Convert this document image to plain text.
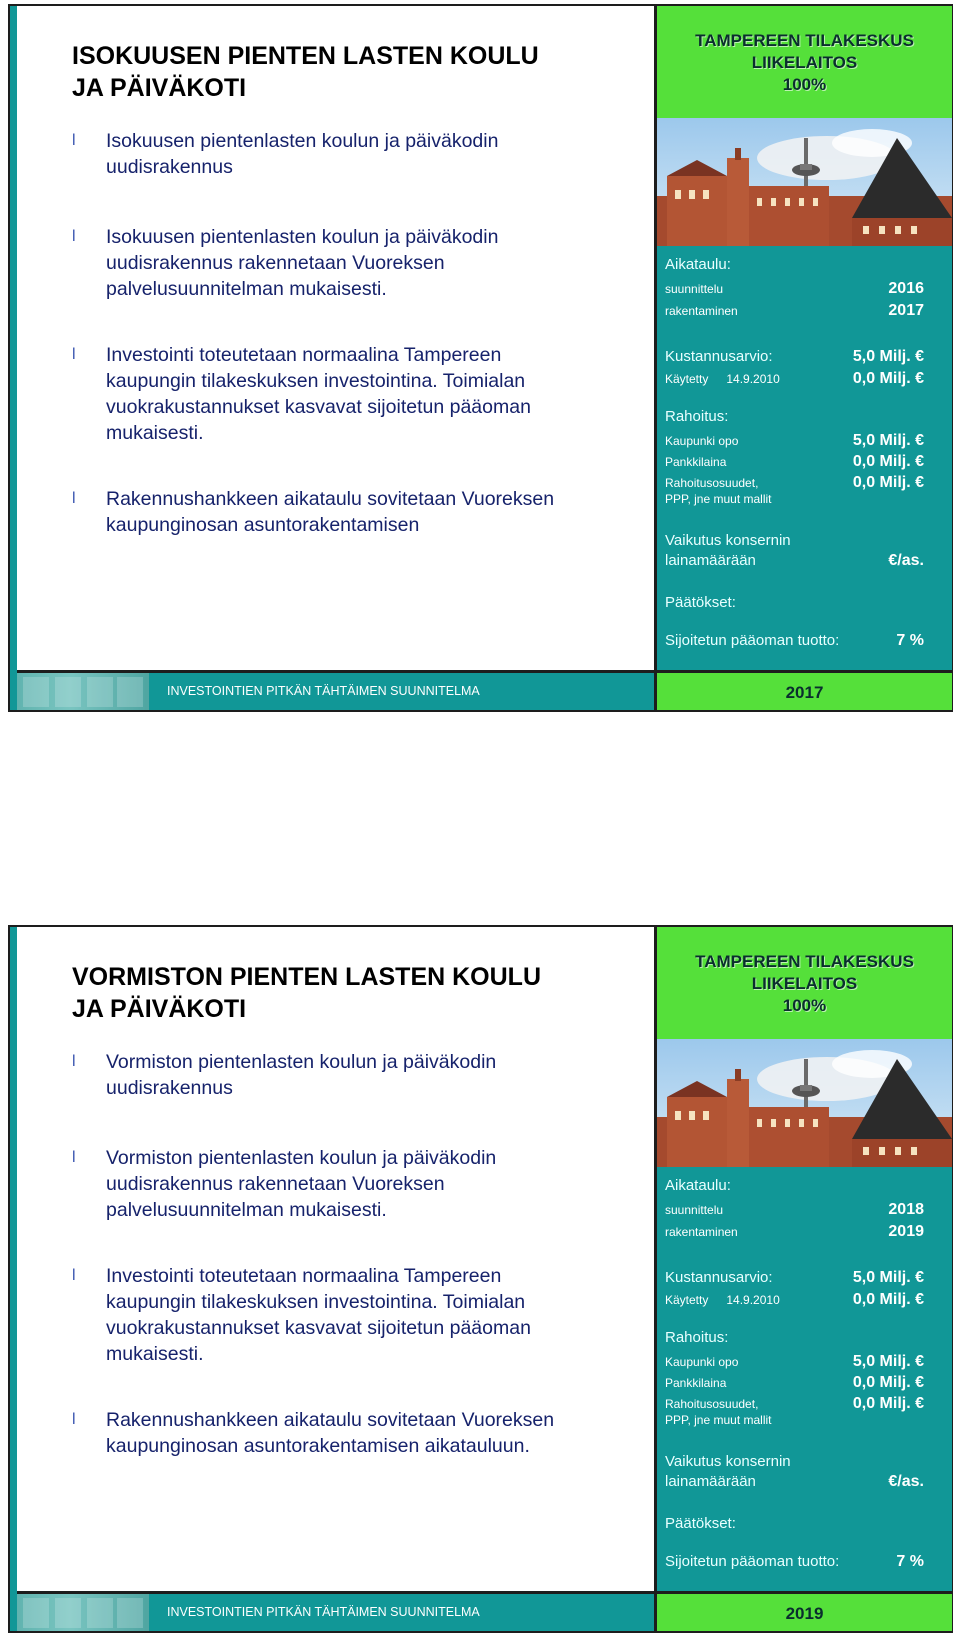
ISOKUUSEN PIENTEN LASTEN KOULU
JA PÄIVÄKOTI
l Isokuusen pientenlasten koulun ja päiväkodin
uudisrakennus
l Isokuusen pientenlasten koulun ja päiväkodin
uudisrakennus rakennetaan Vuoreksen
palvelusuunnitelman mukaisesti.
l Investointi toteutetaan normaalina Tampereen
kaupungin tilakeskuksen investointina. Toimialan
vuokrakustannukset kasvavat sijoitetun pääoman
mukaisesti.
l Rakennushankkeen aikataulu sovitetaan Vuoreksen
kaupunginosan asuntorakentamisen
TAMPEREEN TILAKESKUS
LIIKELAITOS
100%
Aikataulu:
suunnittelu	2016
rakentaminen	2017
Kustannusarvio:	5,0 Milj. €
Käytetty 14.9.2010	0,0 Milj. €
Rahoitus:
Kaupunki opo	5,0 Milj. €
Pankkilaina	0,0 Milj. €
Rahoitusosuudet,	0,0 Milj. €
PPP, jne muut mallit
Vaikutus konsernin
lainamäärään	€/as.
Päätökset:
Sijoitetun pääoman tuotto:	7 %
INVESTOINTIEN PITKÄN TÄHTÄIMEN SUUNNITELMA	2017
VORMISTON PIENTEN LASTEN KOULU
JA PÄIVÄKOTI
l Vormiston pientenlasten koulun ja päiväkodin
uudisrakennus
l Vormiston pientenlasten koulun ja päiväkodin
uudisrakennus rakennetaan Vuoreksen
palvelusuunnitelman mukaisesti.
l Investointi toteutetaan normaalina Tampereen
kaupungin tilakeskuksen investointina. Toimialan
vuokrakustannukset kasvavat sijoitetun pääoman
mukaisesti.
l Rakennushankkeen aikataulu sovitetaan Vuoreksen
kaupunginosan asuntorakentamisen aikatauluun.
TAMPEREEN TILAKESKUS
LIIKELAITOS
100%
Aikataulu:
suunnittelu	2018
rakentaminen	2019
Kustannusarvio:	5,0 Milj. €
Käytetty 14.9.2010	0,0 Milj. €
Rahoitus:
Kaupunki opo	5,0 Milj. €
Pankkilaina	0,0 Milj. €
Rahoitusosuudet,	0,0 Milj. €
PPP, jne muut mallit
Vaikutus konsernin
lainamäärään	€/as.
Päätökset:
Sijoitetun pääoman tuotto:	7 %
INVESTOINTIEN PITKÄN TÄHTÄIMEN SUUNNITELMA	2019
